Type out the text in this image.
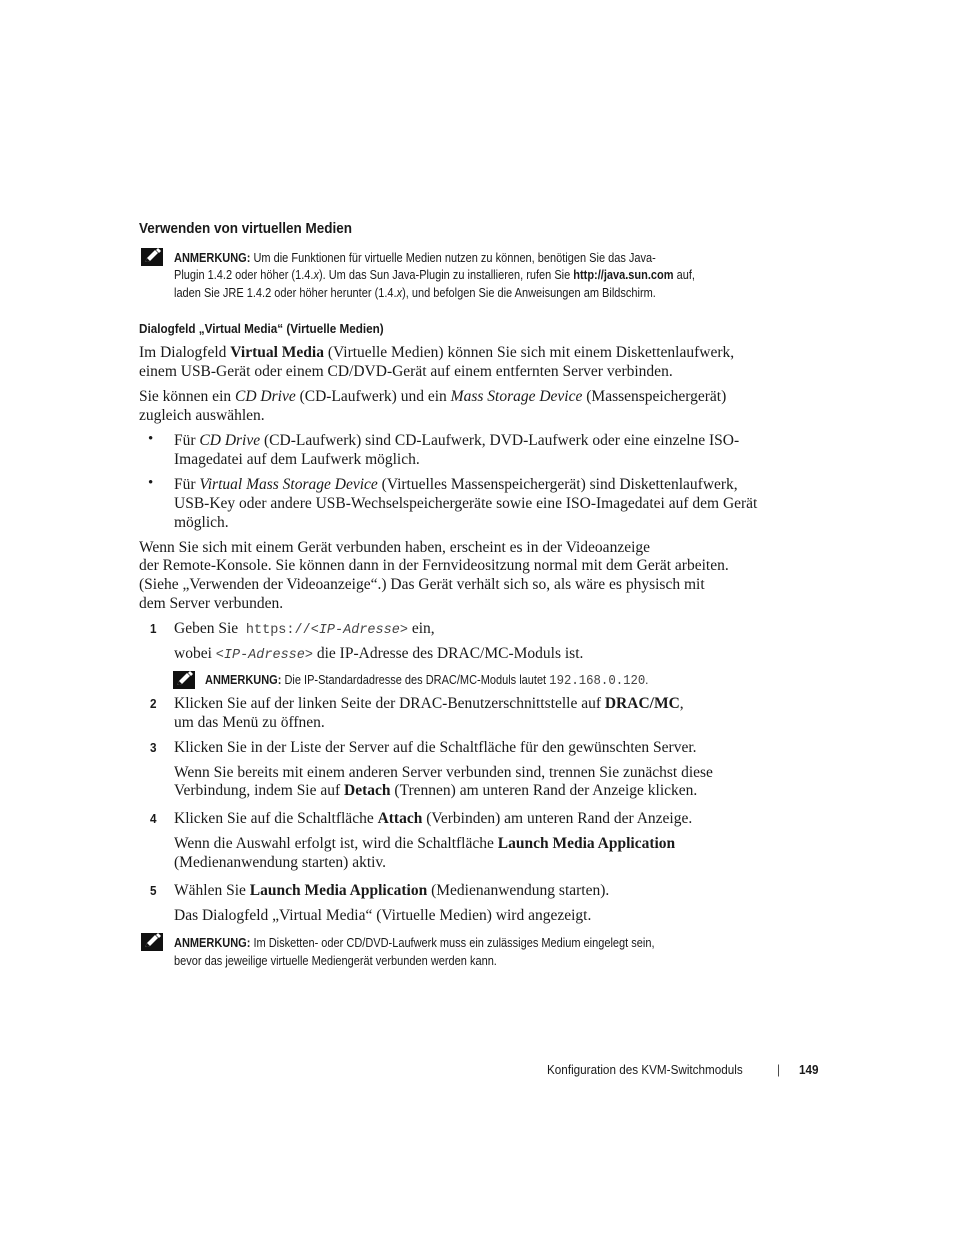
Verwenden von virtuellen Medien
ANMERKUNG: Um die Funktionen für virtuelle Medien nutzen zu können, benötigen Sie das Java-
Plugin 1.4.2 oder höher (1.4.x). Um das Sun Java-Plugin zu installieren, rufen Sie http://java.sun.com auf,
laden Sie JRE 1.4.2 oder höher herunter (1.4.x), und befolgen Sie die Anweisungen am Bildschirm.
Dialogfeld „Virtual Media“ (Virtuelle Medien)
Im Dialogfeld Virtual Media (Virtuelle Medien) können Sie sich mit einem Diskettenlaufwerk,
einem USB-Gerät oder einem CD/DVD-Gerät auf einem entfernten Server verbinden.
Sie können ein CD Drive (CD-Laufwerk) und ein Mass Storage Device (Massenspeichergerät)
zugleich auswählen.
• Für CD Drive (CD-Laufwerk) sind CD-Laufwerk, DVD-Laufwerk oder eine einzelne ISO-
Imagedatei auf dem Laufwerk möglich.
• Für Virtual Mass Storage Device (Virtuelles Massenspeichergerät) sind Diskettenlaufwerk,
USB-Key oder andere USB-Wechselspeichergeräte sowie eine ISO-Imagedatei auf dem Gerät
möglich.
Wenn Sie sich mit einem Gerät verbunden haben, erscheint es in der Videoanzeige
der Remote-Konsole. Sie können dann in der Fernvideositzung normal mit dem Gerät arbeiten.
(Siehe „Verwenden der Videoanzeige“.) Das Gerät verhält sich so, als wäre es physisch mit
dem Server verbunden.
1 Geben Sie  https://<IP-Adresse> ein,
wobei <IP-Adresse> die IP-Adresse des DRAC/MC-Moduls ist.
ANMERKUNG: Die IP-Standardadresse des DRAC/MC-Moduls lautet 192.168.0.120.
2 Klicken Sie auf der linken Seite der DRAC-Benutzerschnittstelle auf DRAC/MC,
um das Menü zu öffnen.
3 Klicken Sie in der Liste der Server auf die Schaltfläche für den gewünschten Server.
Wenn Sie bereits mit einem anderen Server verbunden sind, trennen Sie zunächst diese
Verbindung, indem Sie auf Detach (Trennen) am unteren Rand der Anzeige klicken.
4 Klicken Sie auf die Schaltfläche Attach (Verbinden) am unteren Rand der Anzeige.
Wenn die Auswahl erfolgt ist, wird die Schaltfläche Launch Media Application
(Medienanwendung starten) aktiv.
5 Wählen Sie Launch Media Application (Medienanwendung starten).
Das Dialogfeld „Virtual Media“ (Virtuelle Medien) wird angezeigt.
ANMERKUNG: Im Disketten- oder CD/DVD-Laufwerk muss ein zulässiges Medium eingelegt sein,
bevor das jeweilige virtuelle Mediengerät verbunden werden kann.
Konfiguration des KVM-Switchmoduls	| 149
